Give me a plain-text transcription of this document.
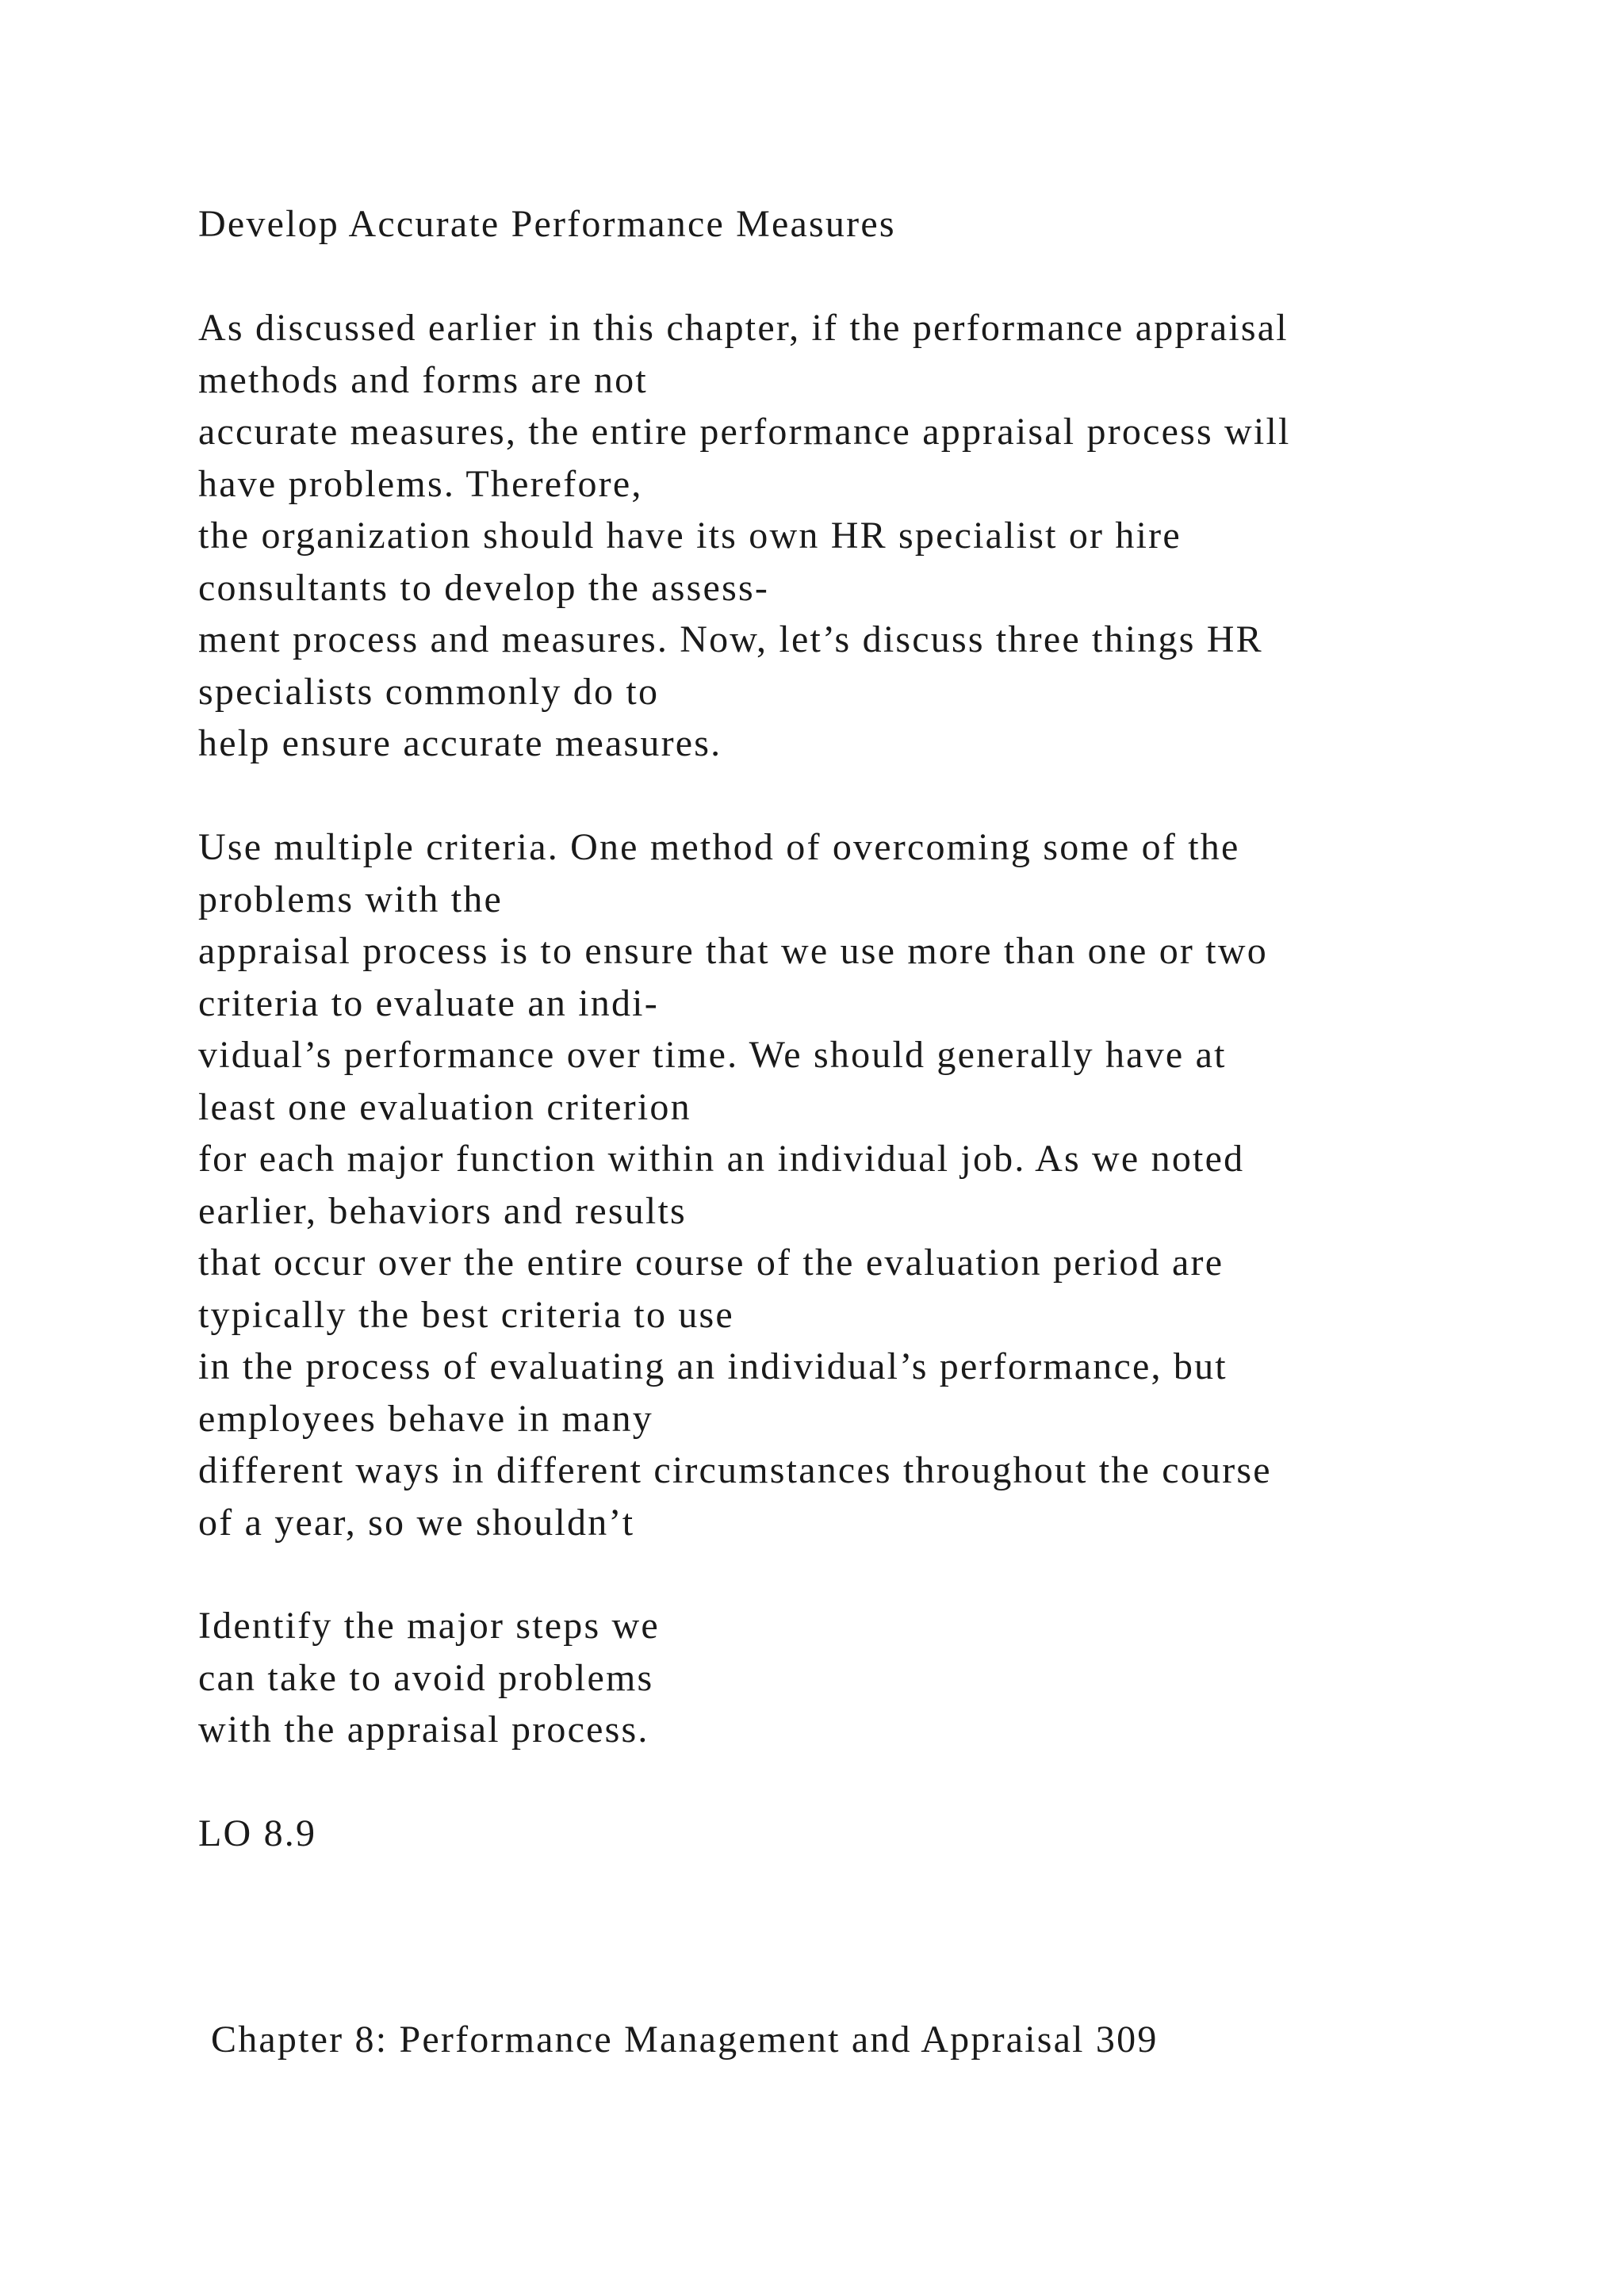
Develop Accurate Performance Measures
As discussed earlier in this chapter, if the performance appraisal
methods and forms are not
accurate measures, the entire performance appraisal process will
have problems. Therefore,
the organization should have its own HR specialist or hire
consultants to develop the assess-
ment process and measures. Now, let’s discuss three things HR
specialists commonly do to
help ensure accurate measures.
Use multiple criteria. One method of overcoming some of the
problems with the
appraisal process is to ensure that we use more than one or two
criteria to evaluate an indi-
vidual’s performance over time. We should generally have at
least one evaluation criterion
for each major function within an individual job. As we noted
earlier, behaviors and results
that occur over the entire course of the evaluation period are
typically the best criteria to use
in the process of evaluating an individual’s performance, but
employees behave in many
different ways in different circumstances throughout the course
of a year, so we shouldn’t
Identify the major steps we
can take to avoid problems
with the appraisal process.
LO 8.9
Chapter 8: Performance Management and Appraisal 309
